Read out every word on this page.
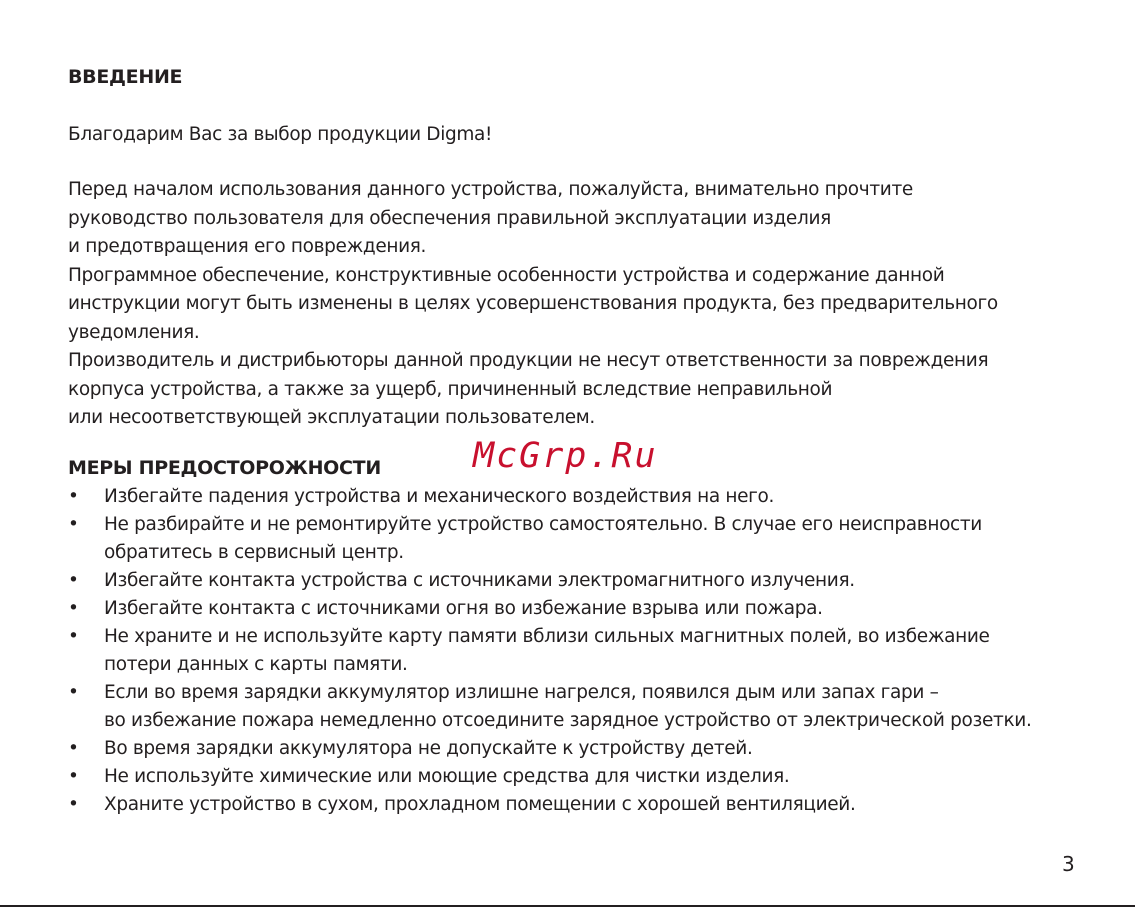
ВВЕДЕНИЕ

Благодарим Вас за выбор продукции Digma!

Перед началом использования данного устройства, пожалуйста, внимательно прочтите
руководство пользователя для обеспечения правильной эксплуатации изделия
и предотвращения его повреждения.
Программное обеспечение, конструктивные особенности устройства и содержание данной
инструкции могут быть изменены в целях усовершенствования продукта, без предварительного
уведомления.
Производитель и дистрибьюторы данной продукции не несут ответственности за повреждения
корпуса устройства, а также за ущерб, причиненный вследствие неправильной
или несоответствующей эксплуатации пользователем.

McGrp.Ru
МЕРЫ ПРЕДОСТОРОЖНОСТИ
• Избегайте падения устройства и механического воздействия на него.
• Не разбирайте и не ремонтируйте устройство самостоятельно. В случае его неисправности
обратитесь в сервисный центр.
• Избегайте контакта устройства с источниками электромагнитного излучения.
• Избегайте контакта с источниками огня во избежание взрыва или пожара.
• Не храните и не используйте карту памяти вблизи сильных магнитных полей, во избежание
потери данных с карты памяти.
• Если во время зарядки аккумулятор излишне нагрелся, появился дым или запах гари –
во избежание пожара немедленно отсоедините зарядное устройство от электрической розетки.
• Во время зарядки аккумулятора не допускайте к устройству детей.
• Не используйте химические или моющие средства для чистки изделия.
• Храните устройство в сухом, прохладном помещении с хорошей вентиляцией.
3
